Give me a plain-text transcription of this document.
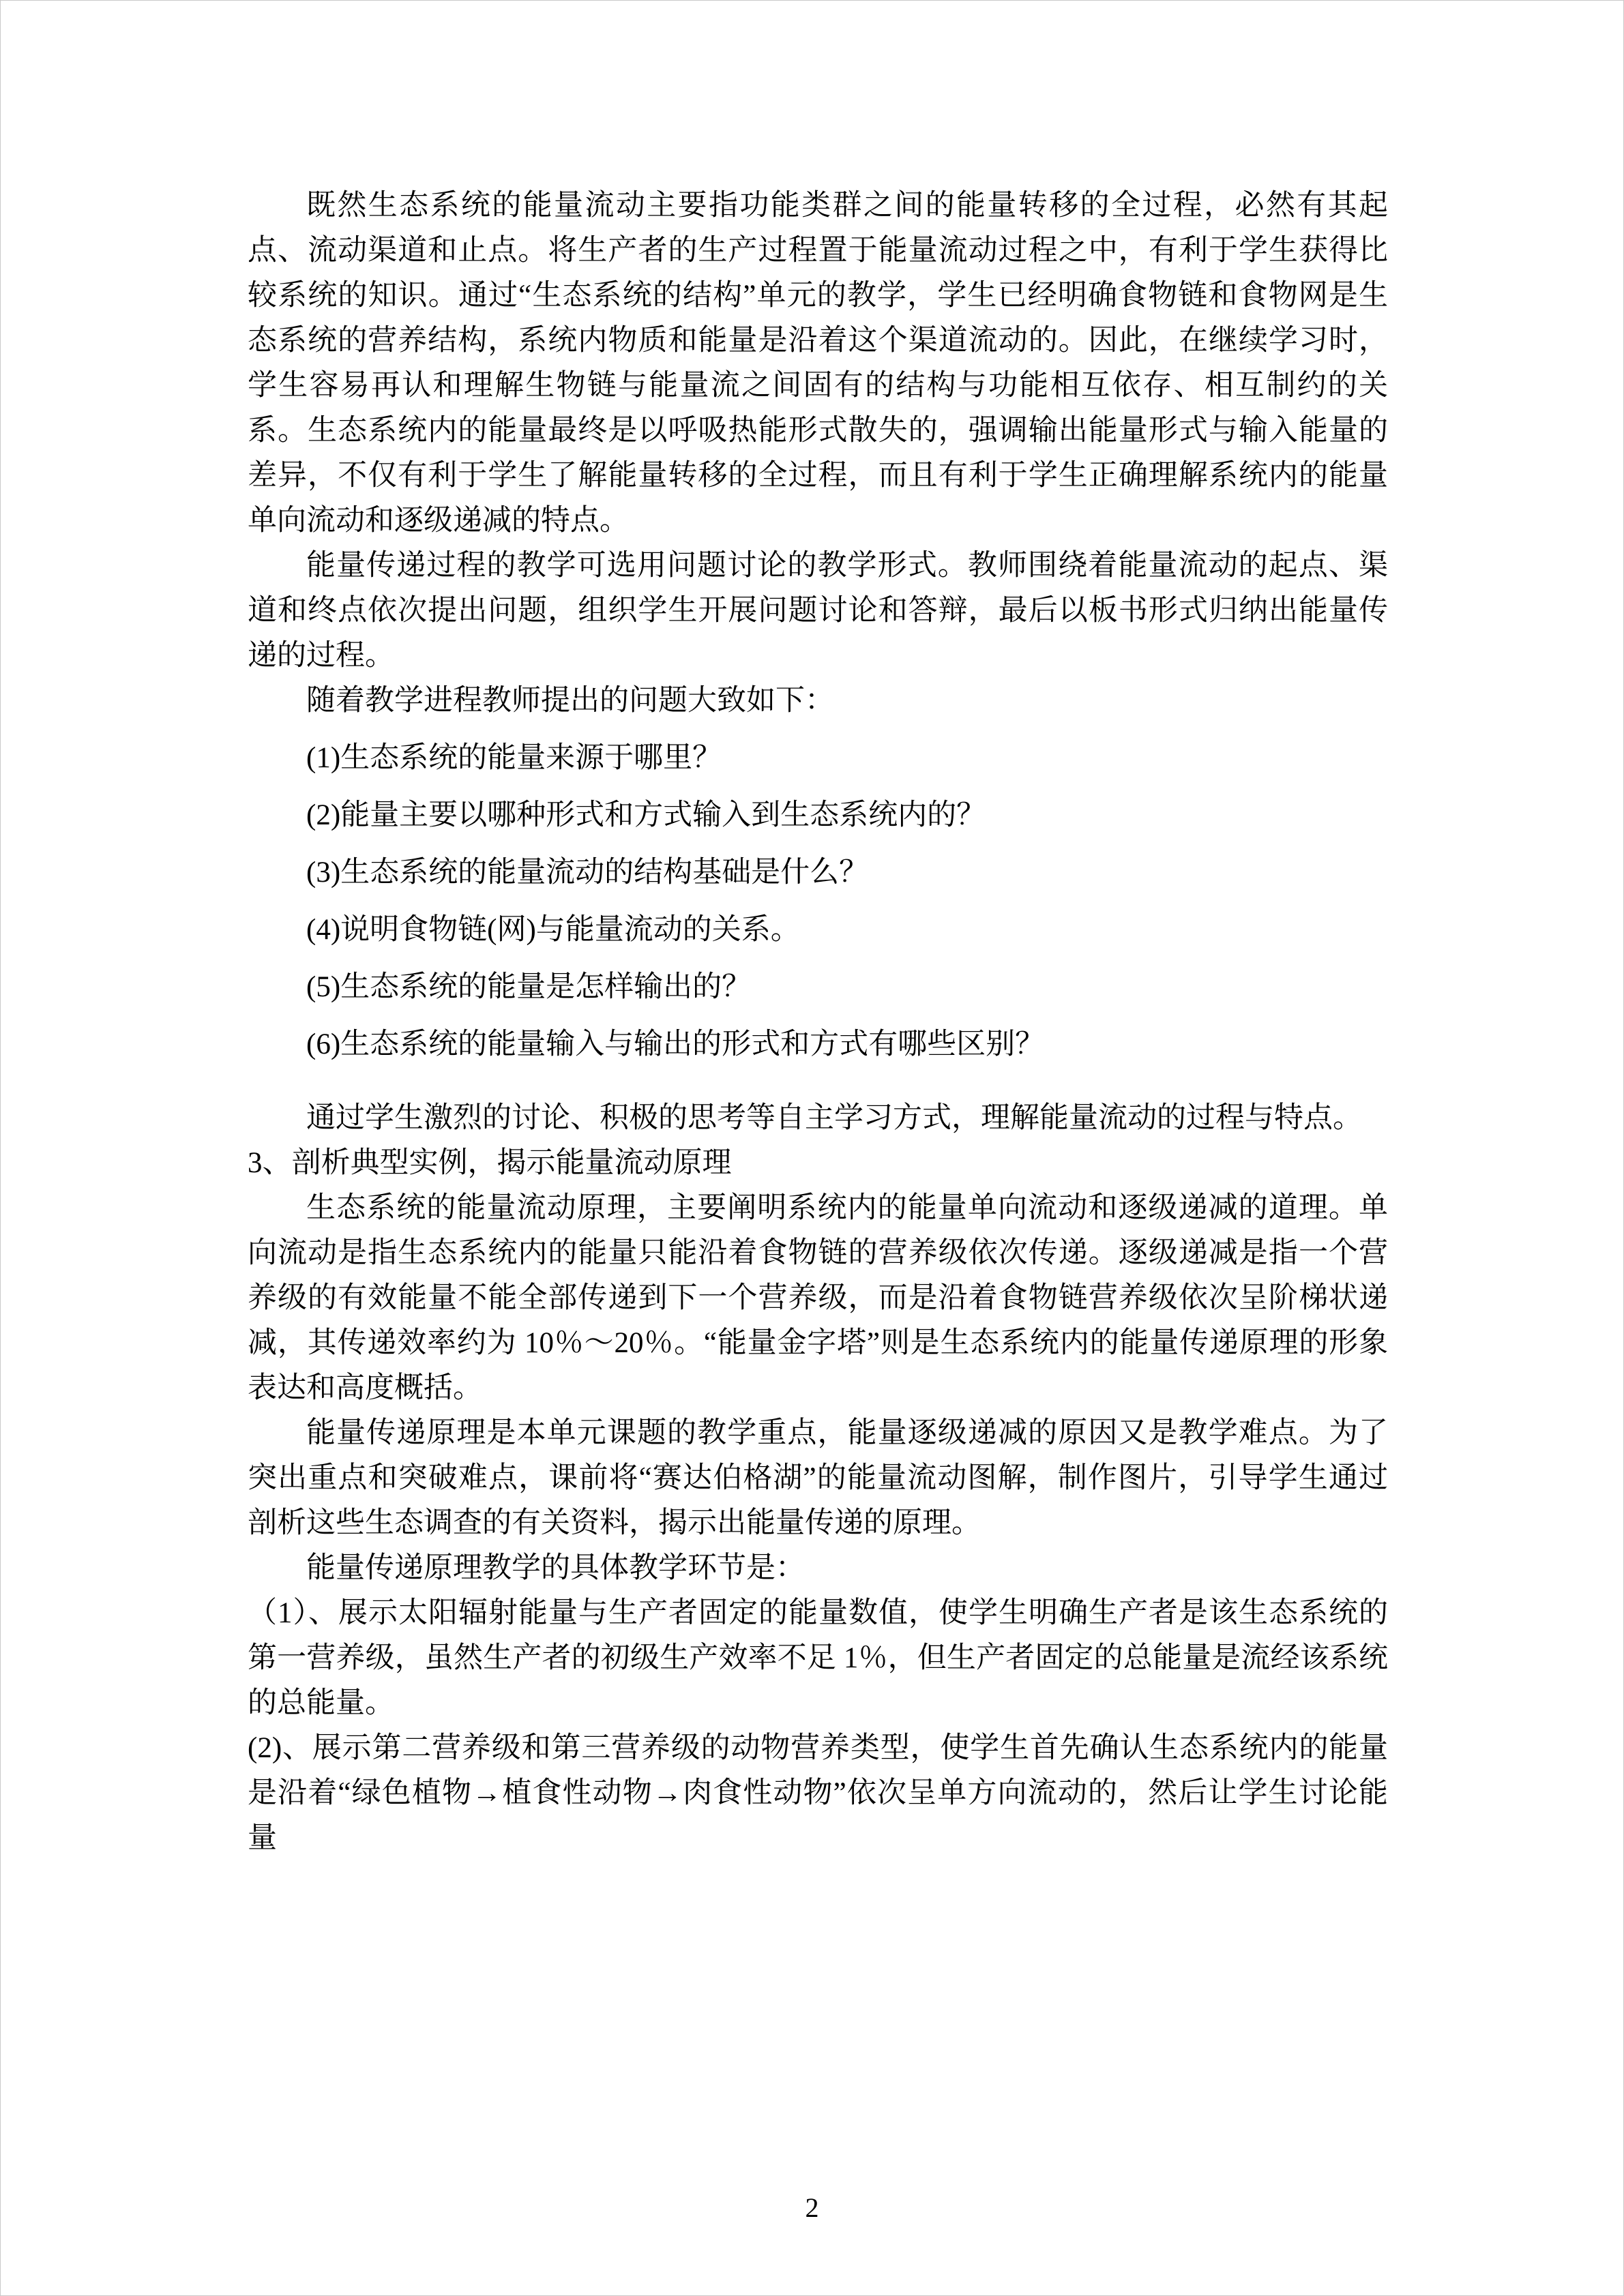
既然生态系统的能量流动主要指功能类群之间的能量转移的全过程，必然有其起点、流动渠道和止点。将生产者的生产过程置于能量流动过程之中，有利于学生获得比较系统的知识。通过“生态系统的结构”单元的教学，学生已经明确食物链和食物网是生态系统的营养结构，系统内物质和能量是沿着这个渠道流动的。因此，在继续学习时，学生容易再认和理解生物链与能量流之间固有的结构与功能相互依存、相互制约的关系。生态系统内的能量最终是以呼吸热能形式散失的，强调输出能量形式与输入能量的差异，不仅有利于学生了解能量转移的全过程，而且有利于学生正确理解系统内的能量单向流动和逐级递减的特点。

能量传递过程的教学可选用问题讨论的教学形式。教师围绕着能量流动的起点、渠道和终点依次提出问题，组织学生开展问题讨论和答辩，最后以板书形式归纳出能量传递的过程。

随着教学进程教师提出的问题大致如下：

(1)生态系统的能量来源于哪里？

(2)能量主要以哪种形式和方式输入到生态系统内的？

(3)生态系统的能量流动的结构基础是什么？

(4)说明食物链(网)与能量流动的关系。

(5)生态系统的能量是怎样输出的？

(6)生态系统的能量输入与输出的形式和方式有哪些区别？

通过学生激烈的讨论、积极的思考等自主学习方式，理解能量流动的过程与特点。

3、剖析典型实例，揭示能量流动原理

生态系统的能量流动原理，主要阐明系统内的能量单向流动和逐级递减的道理。单向流动是指生态系统内的能量只能沿着食物链的营养级依次传递。逐级递减是指一个营养级的有效能量不能全部传递到下一个营养级，而是沿着食物链营养级依次呈阶梯状递减，其传递效率约为 10％～20％。“能量金字塔”则是生态系统内的能量传递原理的形象表达和高度概括。

能量传递原理是本单元课题的教学重点，能量逐级递减的原因又是教学难点。为了突出重点和突破难点，课前将“赛达伯格湖”的能量流动图解，制作图片，引导学生通过剖析这些生态调查的有关资料，揭示出能量传递的原理。

能量传递原理教学的具体教学环节是：

（1）、展示太阳辐射能量与生产者固定的能量数值，使学生明确生产者是该生态系统的第一营养级，虽然生产者的初级生产效率不足 1％，但生产者固定的总能量是流经该系统的总能量。

(2)、展示第二营养级和第三营养级的动物营养类型，使学生首先确认生态系统内的能量是沿着“绿色植物→植食性动物→肉食性动物”依次呈单方向流动的，然后让学生讨论能量

2
